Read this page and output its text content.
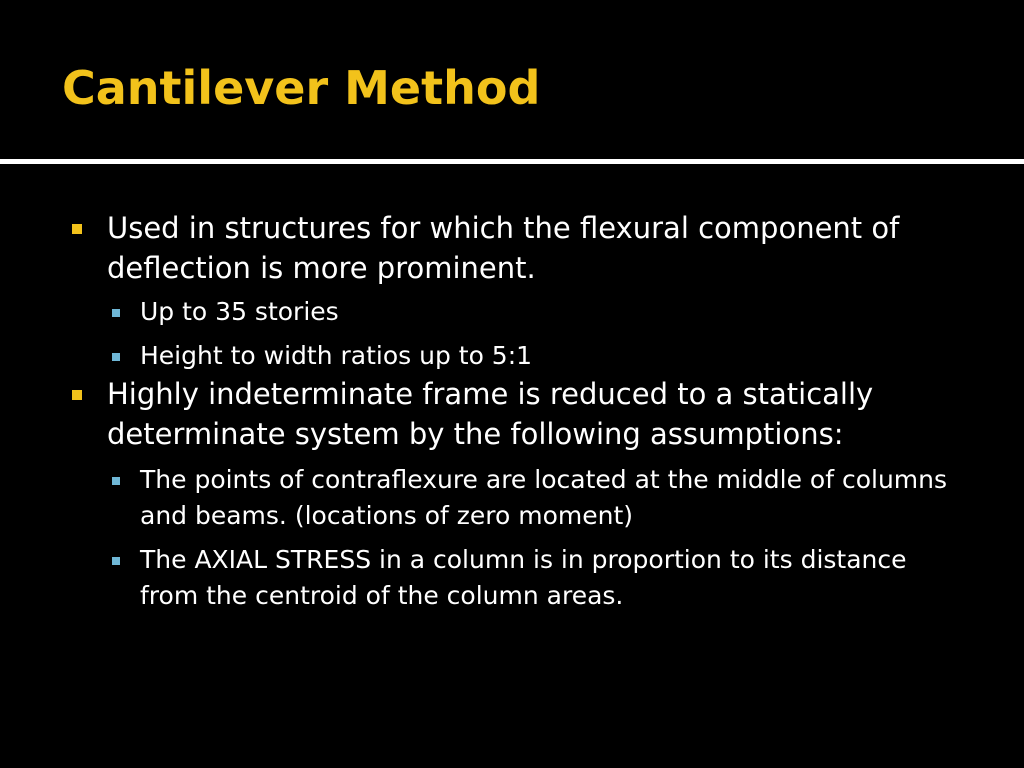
Cantilever Method
Used in structures for which the flexural component of deflection is more prominent.
Up to 35 stories
Height to width ratios up to 5:1
Highly indeterminate frame is reduced to a statically determinate system by the following assumptions:
The points of contraflexure are located at the middle of columns and beams. (locations of zero moment)
The AXIAL STRESS in a column is in proportion to its distance from the centroid of the column areas.
